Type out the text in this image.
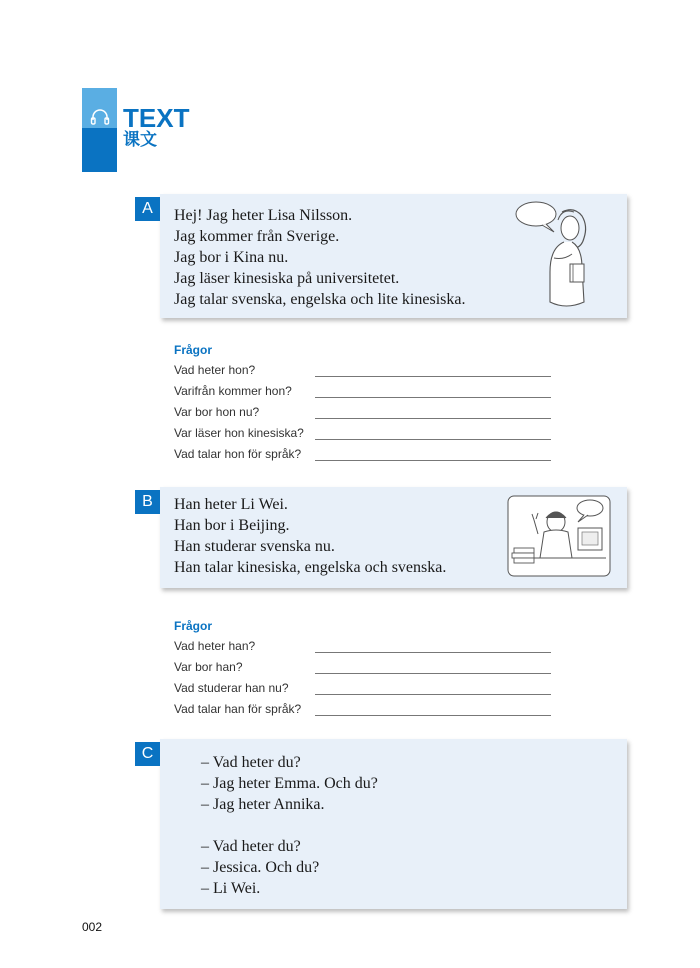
TEXT
课文
A	Hej! Jag heter Lisa Nilsson.
Jag kommer från Sverige.
Jag bor i Kina nu.
Jag läser kinesiska på universitetet.
Jag talar svenska, engelska och lite kinesiska.
Frågor
Vad heter hon?
Varifrån kommer hon?
Var bor hon nu?
Var läser hon kinesiska?
Vad talar hon för språk?
B	Han heter Li Wei.
Han bor i Beijing.
Han studerar svenska nu.
Han talar kinesiska, engelska och svenska.
Frågor
Vad heter han?
Var bor han?
Vad studerar han nu?
Vad talar han för språk?
C
– Vad heter du?
– Jag heter Emma. Och du?
– Jag heter Annika.
– Vad heter du?
– Jessica. Och du?
– Li Wei.
002
